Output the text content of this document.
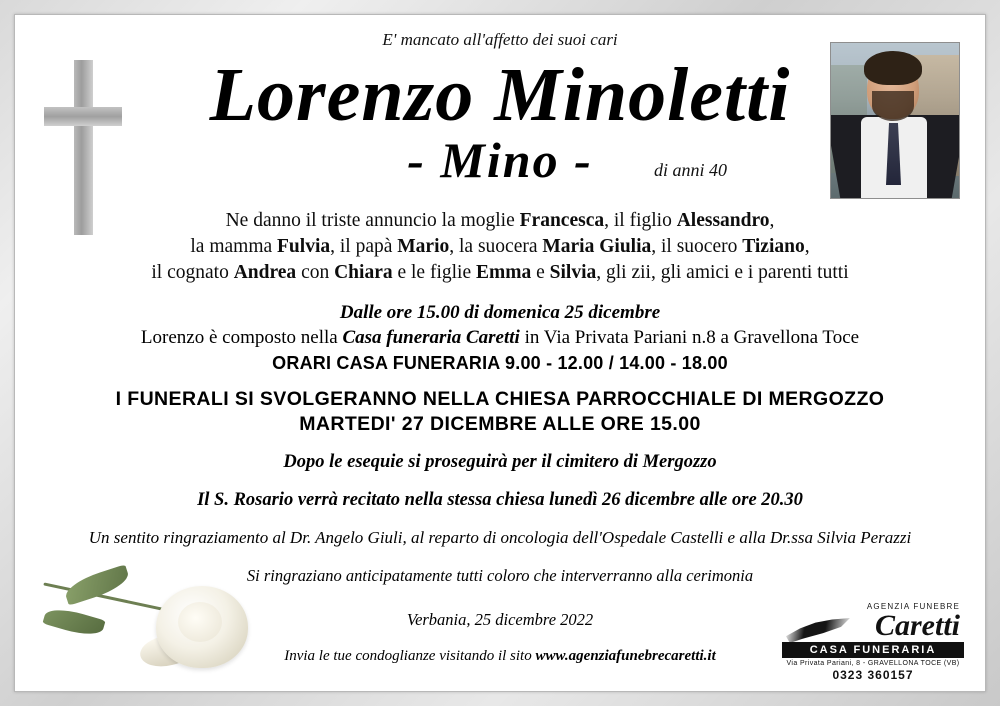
E' mancato all'affetto dei suoi cari
Lorenzo Minoletti
- Mino -	di anni 40
Ne danno il triste annuncio la moglie Francesca, il figlio Alessandro,
la mamma Fulvia, il papà Mario, la suocera Maria Giulia, il suocero Tiziano,
il cognato Andrea con Chiara e le figlie Emma e Silvia, gli zii, gli amici e i parenti tutti
Dalle ore 15.00 di domenica 25 dicembre
Lorenzo è composto nella Casa funeraria Caretti in Via Privata Pariani n.8 a Gravellona Toce
ORARI CASA FUNERARIA 9.00 - 12.00 / 14.00 - 18.00
I FUNERALI SI SVOLGERANNO NELLA CHIESA PARROCCHIALE DI MERGOZZO
MARTEDI' 27 DICEMBRE ALLE ORE 15.00
Dopo le esequie si proseguirà per il cimitero di Mergozzo
Il S. Rosario verrà recitato nella stessa chiesa lunedì 26 dicembre alle ore 20.30
Un sentito ringraziamento al Dr. Angelo Giuli, al reparto di oncologia dell'Ospedale Castelli e alla Dr.ssa Silvia Perazzi
Si ringraziano anticipatamente tutti coloro che interverranno alla cerimonia
Verbania, 25 dicembre 2022
Invia le tue condoglianze visitando il sito www.agenziafunebrecaretti.it
AGENZIA FUNEBRE
Caretti
CASA FUNERARIA
Via Privata Pariani, 8 - GRAVELLONA TOCE (VB)
0323 360157
